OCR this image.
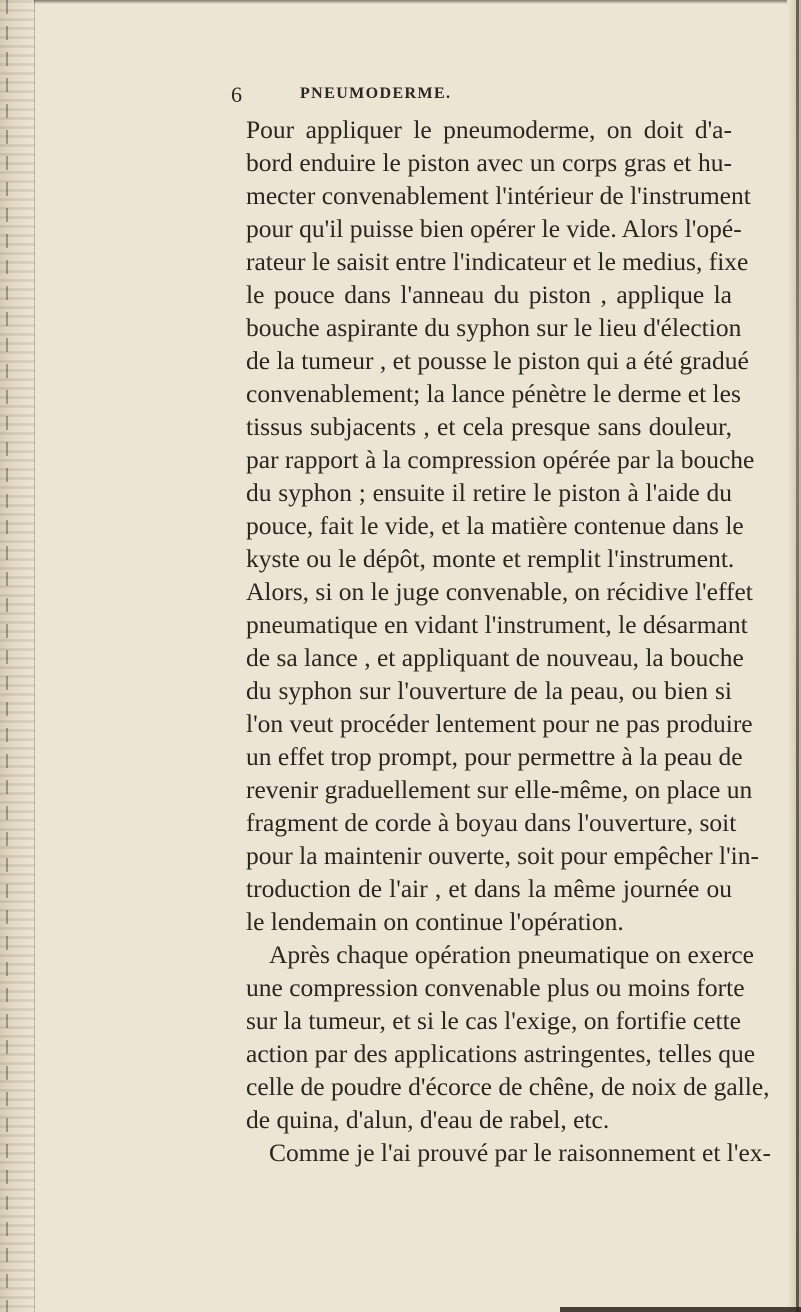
6	PNEUMODERME.
Pour appliquer le pneumoderme, on doit d'a-
bord enduire le piston avec un corps gras et hu-
mecter convenablement l'intérieur de l'instrument
pour qu'il puisse bien opérer le vide. Alors l'opé-
rateur le saisit entre l'indicateur et le medius, fixe
le pouce dans l'anneau du piston , applique la
bouche aspirante du syphon sur le lieu d'élection
de la tumeur , et pousse le piston qui a été gradué
convenablement; la lance pénètre le derme et les
tissus subjacents , et cela presque sans douleur,
par rapport à la compression opérée par la bouche
du syphon ; ensuite il retire le piston à l'aide du
pouce, fait le vide, et la matière contenue dans le
kyste ou le dépôt, monte et remplit l'instrument.
Alors, si on le juge convenable, on récidive l'effet
pneumatique en vidant l'instrument, le désarmant
de sa lance , et appliquant de nouveau, la bouche
du syphon sur l'ouverture de la peau, ou bien si
l'on veut procéder lentement pour ne pas produire
un effet trop prompt, pour permettre à la peau de
revenir graduellement sur elle-même, on place un
fragment de corde à boyau dans l'ouverture, soit
pour la maintenir ouverte, soit pour empêcher l'in-
troduction de l'air , et dans la même journée ou
le lendemain on continue l'opération.
Après chaque opération pneumatique on exerce
une compression convenable plus ou moins forte
sur la tumeur, et si le cas l'exige, on fortifie cette
action par des applications astringentes, telles que
celle de poudre d'écorce de chêne, de noix de galle,
de quina, d'alun, d'eau de rabel, etc.
Comme je l'ai prouvé par le raisonnement et l'ex-
